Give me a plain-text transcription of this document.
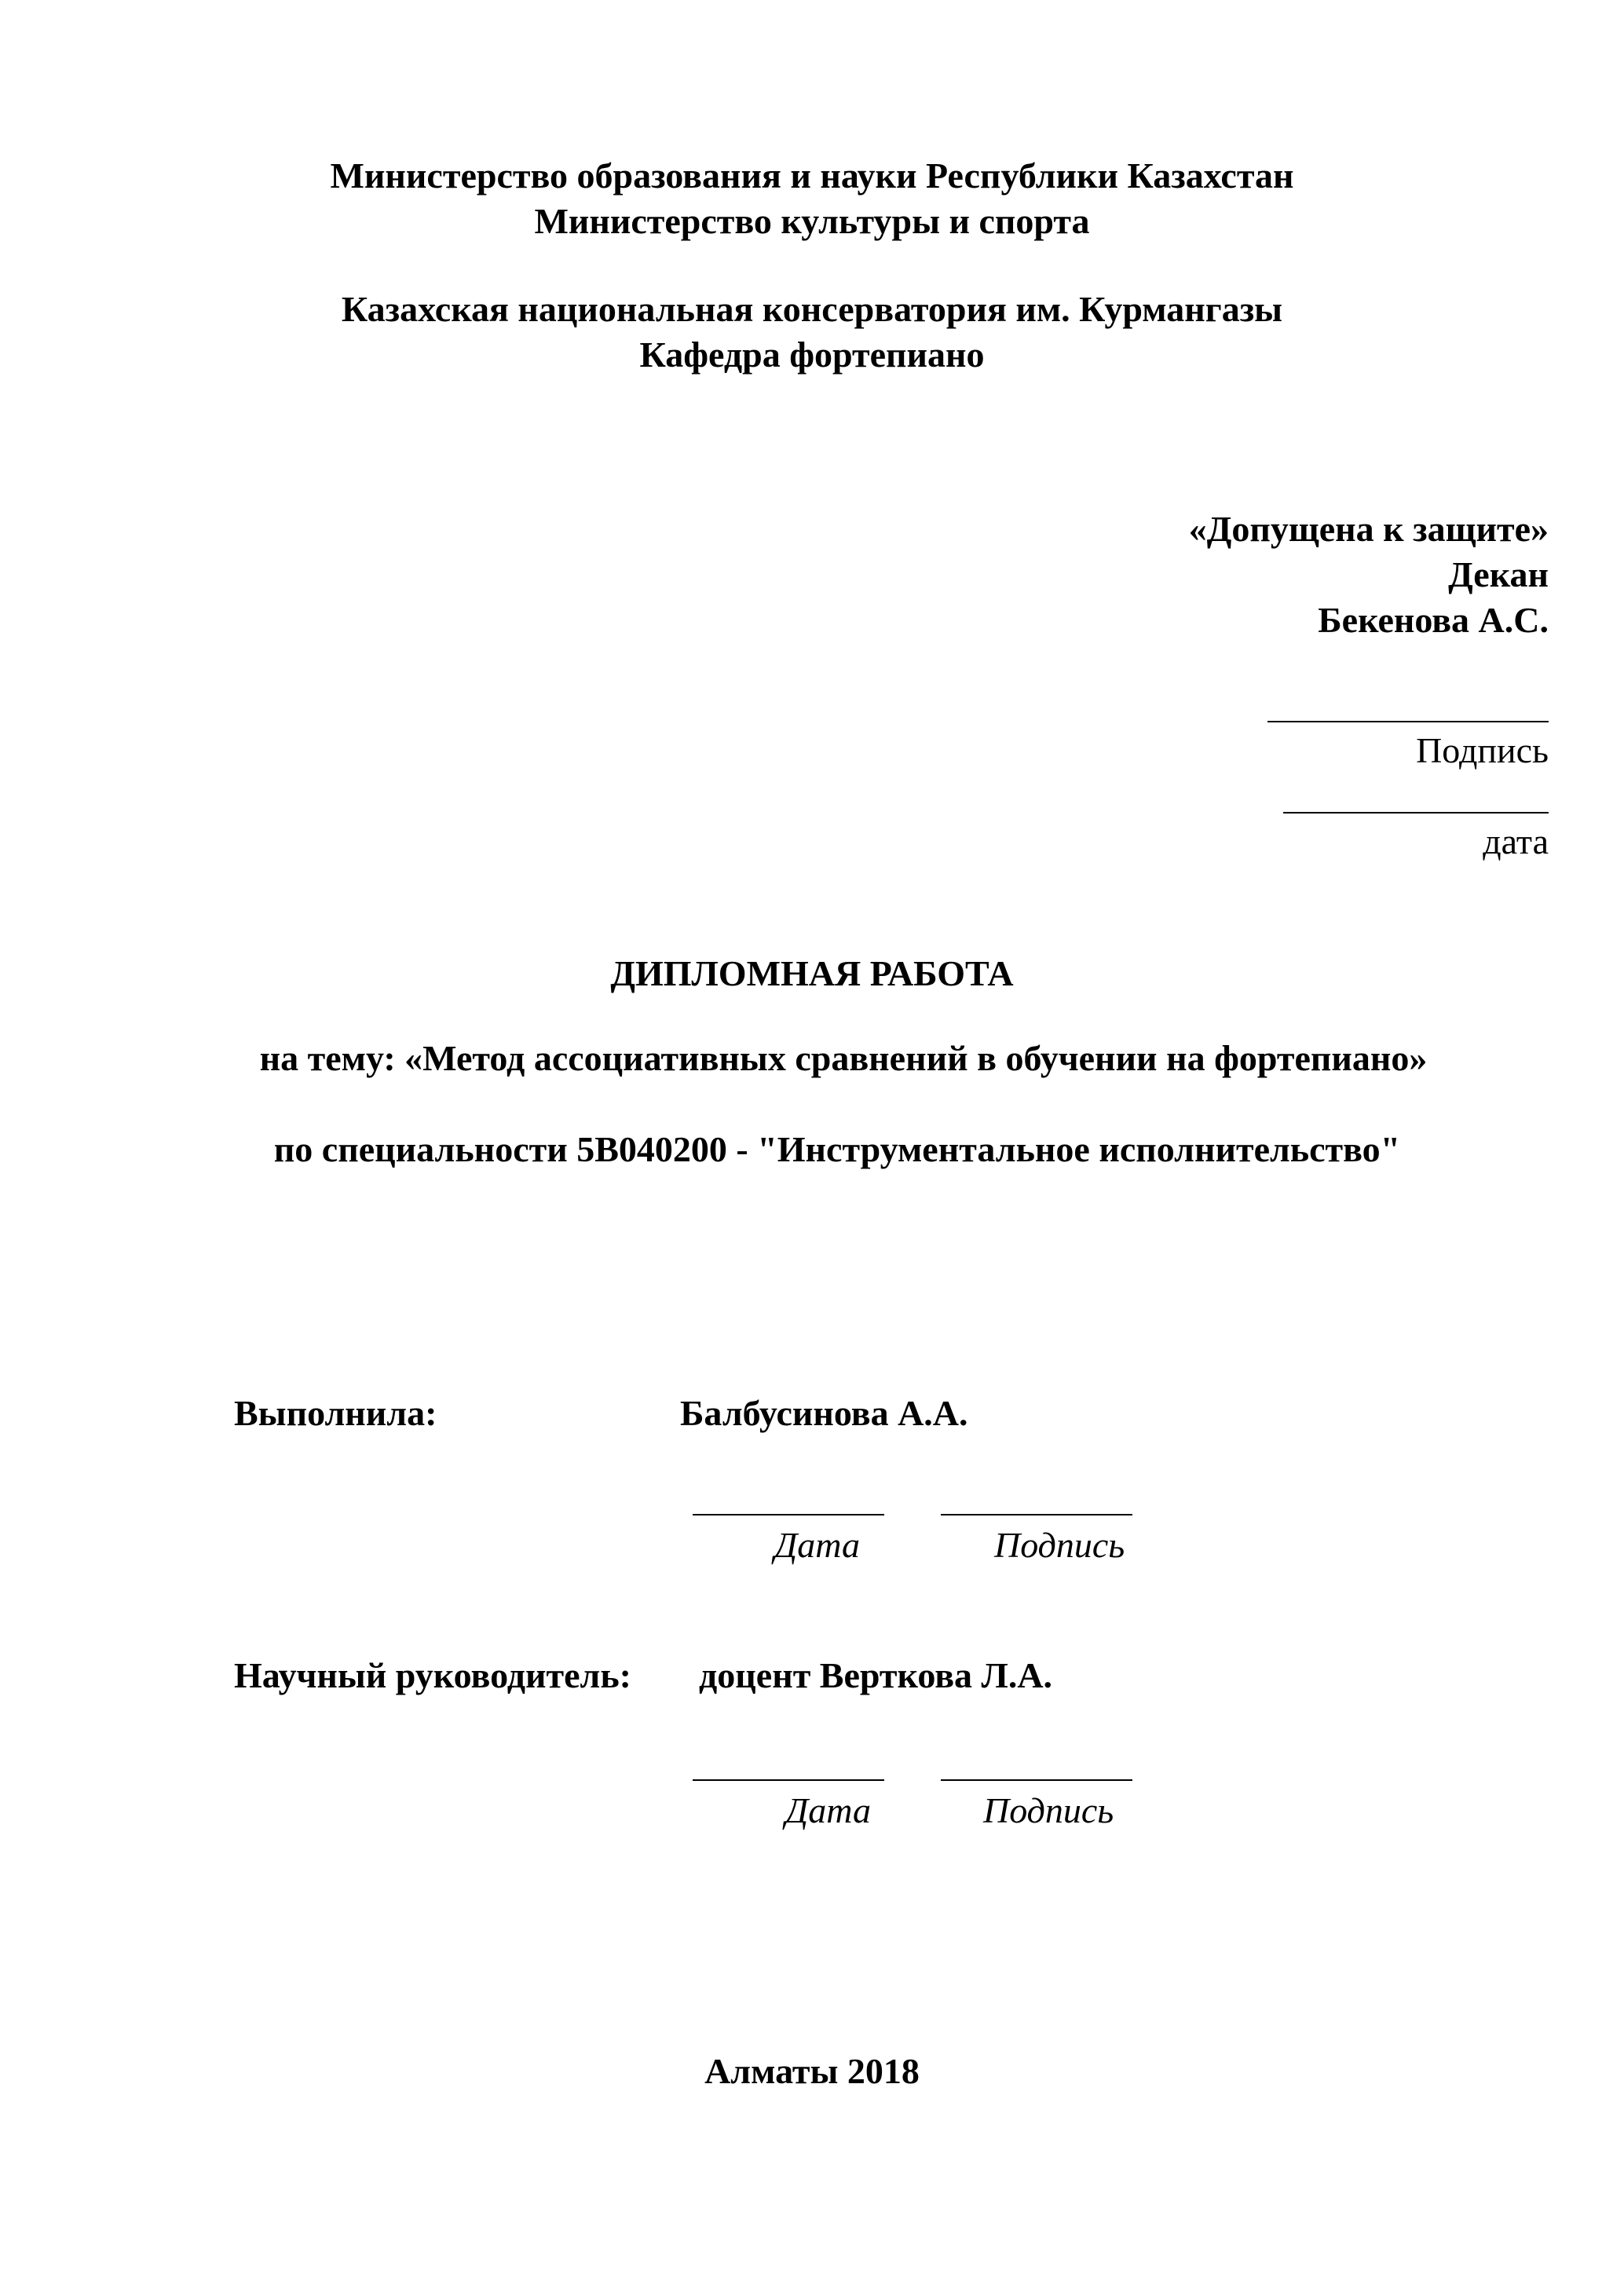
Министерство образования и науки Республики Казахстан
Министерство культуры и спорта
Казахская национальная консерватория им. Курмангазы
Кафедра фортепиано
«Допущена к защите»
Декан
Бекенова А.С.
Подпись
дата
ДИПЛОМНАЯ РАБОТА
на тему: «Метод ассоциативных сравнений в обучении на фортепиано»
по специальности 5В040200 - "Инструментальное исполнительство"
Выполнила:	Балбусинова А.А.
Дата	Подпись
Научный руководитель: доцент Верткова Л.А.
Дата	Подпись
Алматы 2018
